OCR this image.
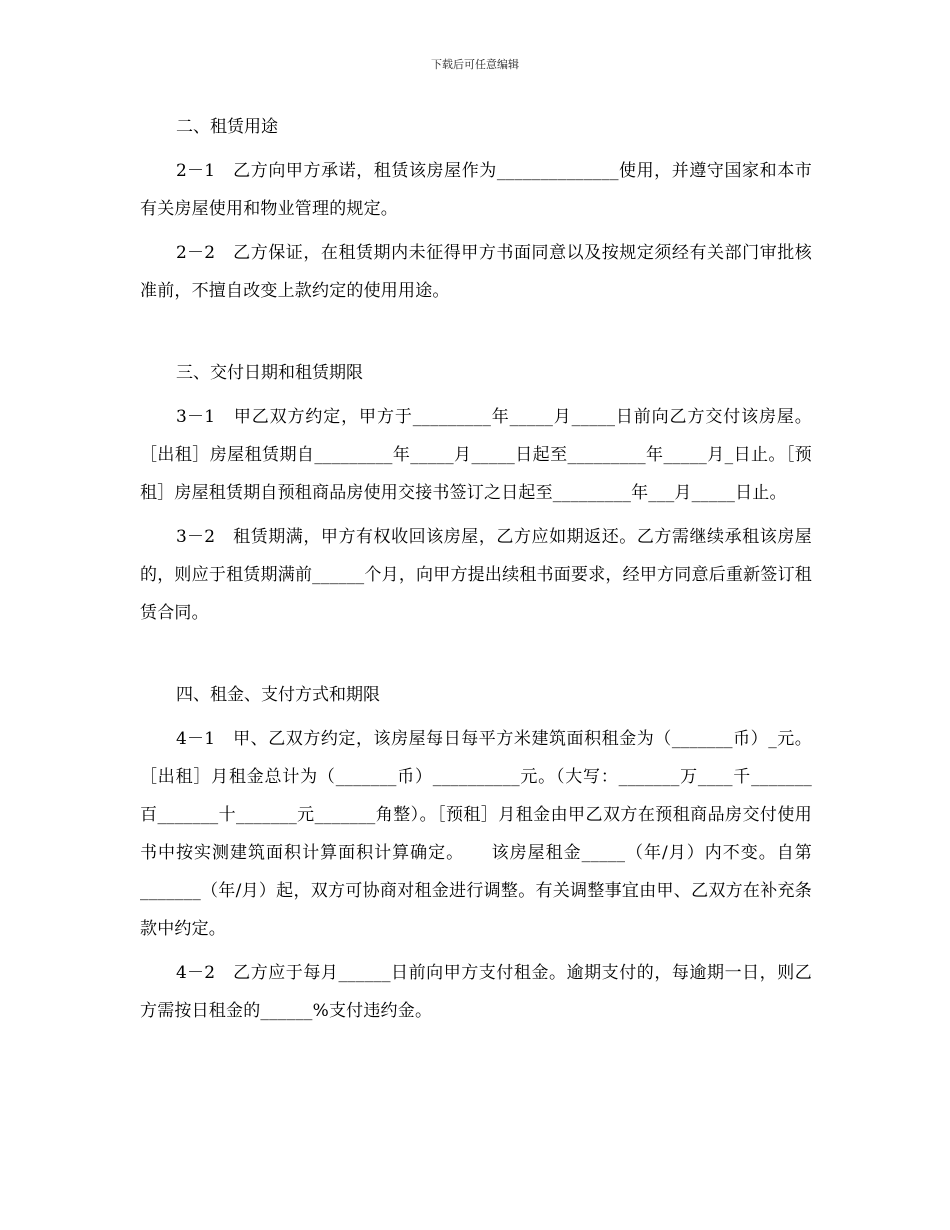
下载后可任意编辑
二、租赁用途

2－1　乙方向甲方承诺，租赁该房屋作为______________使用，并遵守国家和本市有关房屋使用和物业管理的规定。

2－2　乙方保证，在租赁期内未征得甲方书面同意以及按规定须经有关部门审批核准前，不擅自改变上款约定的使用用途。

三、交付日期和租赁期限

3－1　甲乙双方约定，甲方于_________年_____月_____日前向乙方交付该房屋。［出租］房屋租赁期自_________年_____月_____日起至_________年_____月_日止。［预租］房屋租赁期自预租商品房使用交接书签订之日起至_________年___月_____日止。

3－2　租赁期满，甲方有权收回该房屋，乙方应如期返还。乙方需继续承租该房屋的，则应于租赁期满前______个月，向甲方提出续租书面要求，经甲方同意后重新签订租赁合同。

四、租金、支付方式和期限

4－1　甲、乙双方约定，该房屋每日每平方米建筑面积租金为（_______币）_元。［出租］月租金总计为（_______币）__________元。（大写：_______万____千_______百_______十_______元_______角整）。［预租］月租金由甲乙双方在预租商品房交付使用书中按实测建筑面积计算面积计算确定。　　该房屋租金_____（年/月）内不变。自第_______（年/月）起，双方可协商对租金进行调整。有关调整事宜由甲、乙双方在补充条款中约定。

4－2　乙方应于每月______日前向甲方支付租金。逾期支付的，每逾期一日，则乙方需按日租金的______%支付违约金。
